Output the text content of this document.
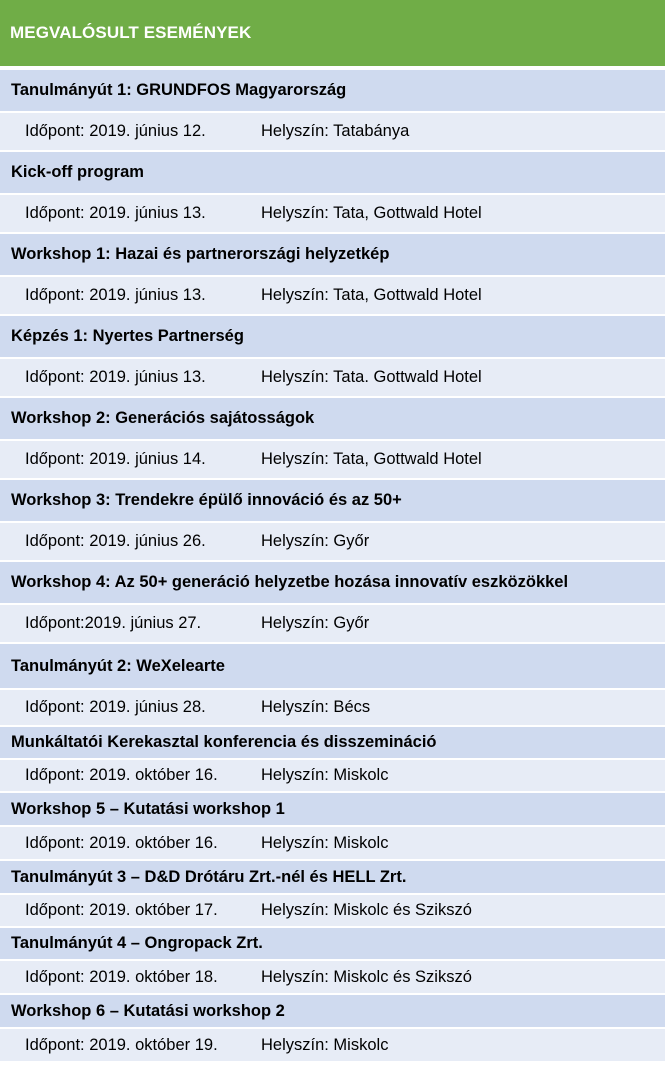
MEGVALÓSULT ESEMÉNYEK
Tanulmányút 1: GRUNDFOS Magyarország
Időpont: 2019. június 12.	Helyszín: Tatabánya
Kick-off program
Időpont: 2019. június 13.	Helyszín: Tata, Gottwald Hotel
Workshop 1: Hazai és partnerországi helyzetkép
Időpont: 2019. június 13.	Helyszín: Tata, Gottwald Hotel
Képzés 1: Nyertes Partnerség
Időpont: 2019. június 13.	Helyszín: Tata. Gottwald Hotel
Workshop 2: Generációs sajátosságok
Időpont: 2019. június 14.	Helyszín: Tata, Gottwald Hotel
Workshop 3: Trendekre épülő innováció és az 50+
Időpont: 2019. június 26.	Helyszín: Győr
Workshop 4: Az 50+ generáció helyzetbe hozása innovatív eszközökkel
Időpont:2019. június 27.	Helyszín: Győr
Tanulmányút 2: WeXelearte
Időpont: 2019. június 28.	Helyszín: Bécs
Munkáltatói Kerekasztal konferencia és disszemináció
Időpont: 2019. október 16.	Helyszín: Miskolc
Workshop 5 – Kutatási workshop 1
Időpont: 2019. október 16.	Helyszín: Miskolc
Tanulmányút 3 – D&D Drótáru Zrt.-nél és HELL Zrt.
Időpont: 2019. október 17.	Helyszín: Miskolc és Szikszó
Tanulmányút 4 – Ongropack Zrt.
Időpont: 2019. október 18.	Helyszín: Miskolc és Szikszó
Workshop 6 – Kutatási workshop 2
Időpont: 2019. október 19.	Helyszín: Miskolc
